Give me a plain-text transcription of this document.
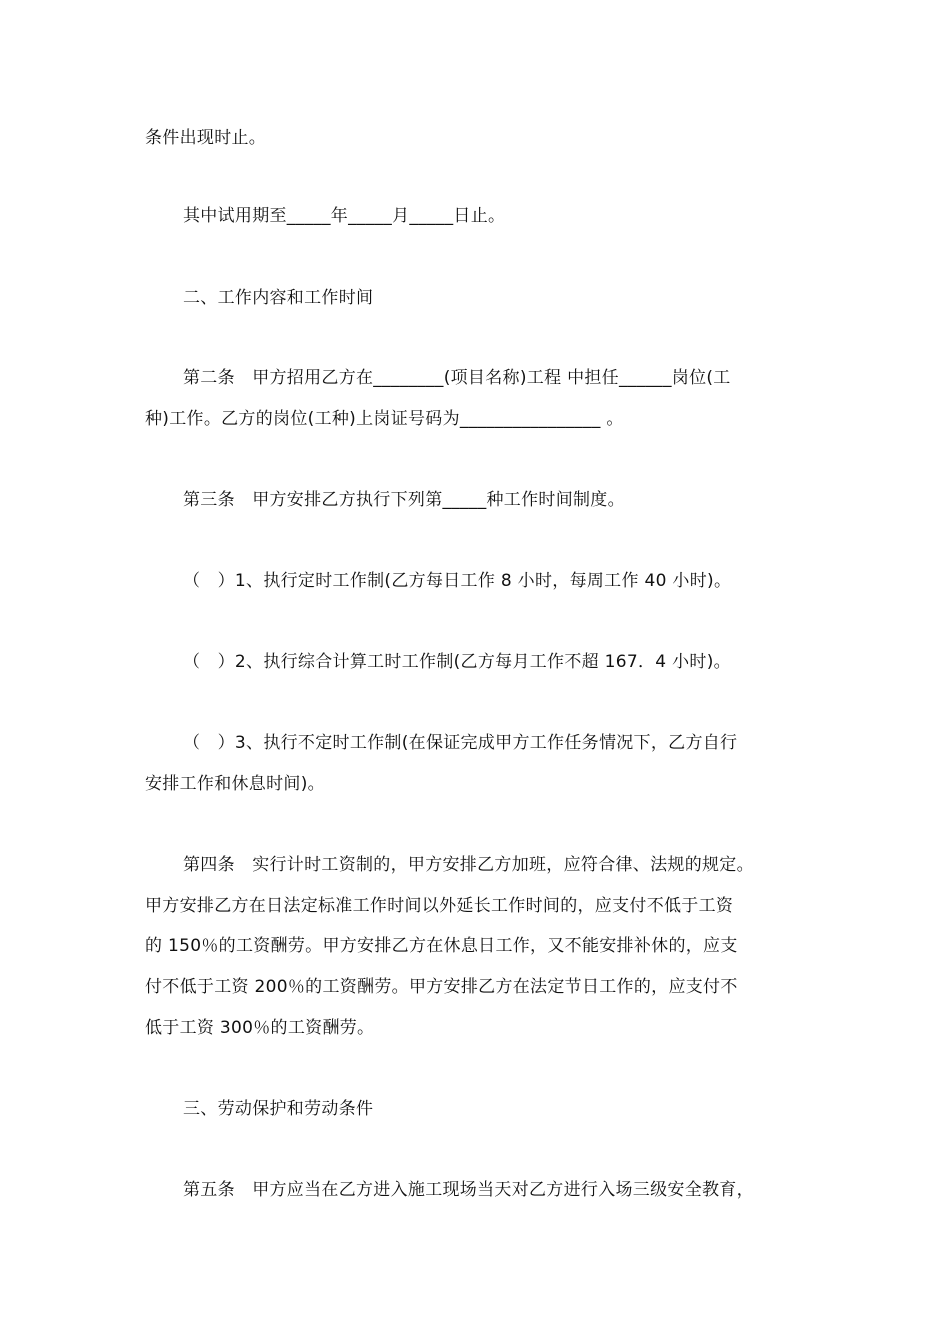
条件出现时止。
其中试用期至_____年_____月_____日止。
二、工作内容和工作时间
第二条　甲方招用乙方在________(项目名称)工程 中担任______岗位(工
种)工作。乙方的岗位(工种)上岗证号码为________________ 。
第三条　甲方安排乙方执行下列第_____种工作时间制度。
（　）1、执行定时工作制(乙方每日工作 8 小时，每周工作 40 小时)。
（　）2、执行综合计算工时工作制(乙方每月工作不超 167．4 小时)。
（　）3、执行不定时工作制(在保证完成甲方工作任务情况下，乙方自行
安排工作和休息时间)。
第四条　实行计时工资制的，甲方安排乙方加班，应符合律、法规的规定。
甲方安排乙方在日法定标准工作时间以外延长工作时间的，应支付不低于工资
的 150％的工资酬劳。甲方安排乙方在休息日工作，又不能安排补休的，应支
付不低于工资 200％的工资酬劳。甲方安排乙方在法定节日工作的，应支付不
低于工资 300％的工资酬劳。
三、劳动保护和劳动条件
第五条　甲方应当在乙方进入施工现场当天对乙方进行入场三级安全教育，
